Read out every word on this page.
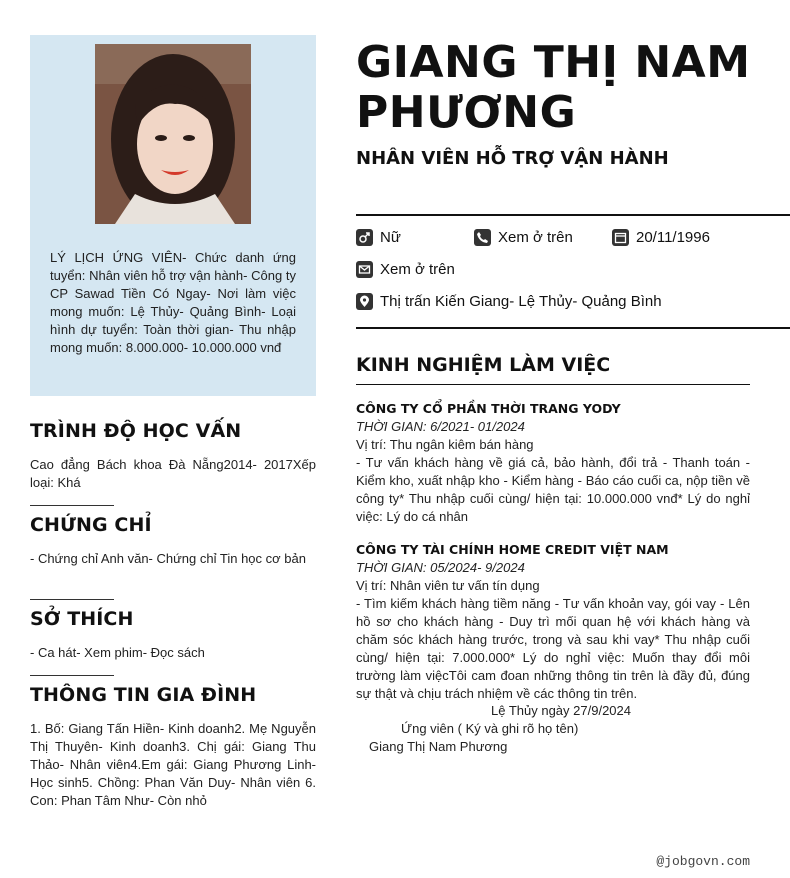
LÝ LỊCH ỨNG VIÊN- Chức danh ứng tuyển: Nhân viên hỗ trợ vận hành- Công ty CP Sawad Tiền Có Ngay- Nơi làm việc mong muốn: Lệ Thủy- Quảng Bình- Loại hình dự tuyển: Toàn thời gian- Thu nhập mong muốn: 8.000.000- 10.000.000 vnđ
TRÌNH ĐỘ HỌC VẤN
Cao đẳng Bách khoa Đà Nẵng2014- 2017Xếp loại: Khá
CHỨNG CHỈ
- Chứng chỉ Anh văn- Chứng chỉ Tin học cơ bản
SỞ THÍCH
- Ca hát- Xem phim- Đọc sách
THÔNG TIN GIA ĐÌNH
1. Bố: Giang Tấn Hiền- Kinh doanh2. Mẹ Nguyễn Thị Thuyên- Kinh doanh3. Chị gái: Giang Thu Thảo- Nhân viên4.Em gái: Giang Phương Linh- Học sinh5. Chồng: Phan Văn Duy- Nhân viên 6. Con: Phan Tâm Như- Còn nhỏ
GIANG THỊ NAM PHƯƠNG
NHÂN VIÊN HỖ TRỢ VẬN HÀNH
Nữ	Xem ở trên	20/11/1996
Xem ở trên
Thị trấn Kiến Giang- Lệ Thủy- Quảng Bình
KINH NGHIỆM LÀM VIỆC
CÔNG TY CỔ PHẦN THỜI TRANG YODY
THỜI GIAN: 6/2021- 01/2024
Vị trí: Thu ngân kiêm bán hàng
- Tư vấn khách hàng về giá cả, bảo hành, đổi trả - Thanh toán - Kiểm kho, xuất nhập kho - Kiểm hàng - Báo cáo cuối ca, nộp tiền về công ty* Thu nhập cuối cùng/ hiện tại: 10.000.000 vnđ* Lý do nghỉ việc: Lý do cá nhân
CÔNG TY TÀI CHÍNH HOME CREDIT VIỆT NAM
THỜI GIAN: 05/2024- 9/2024
Vị trí: Nhân viên tư vấn tín dụng
- Tìm kiếm khách hàng tiềm năng - Tư vấn khoản vay, gói vay - Lên hồ sơ cho khách hàng - Duy trì mối quan hệ với khách hàng và chăm sóc khách hàng trước, trong và sau khi vay* Thu nhập cuối cùng/ hiện tại: 7.000.000* Lý do nghỉ việc: Muốn thay đổi môi trường làm việcTôi cam đoan những thông tin trên là đầy đủ, đúng sự thật và chịu trách nhiệm về các thông tin trên.
Lệ Thủy ngày 27/9/2024
Ứng viên ( Ký và ghi rõ họ tên)
Giang Thị Nam Phương
@jobgovn.com
